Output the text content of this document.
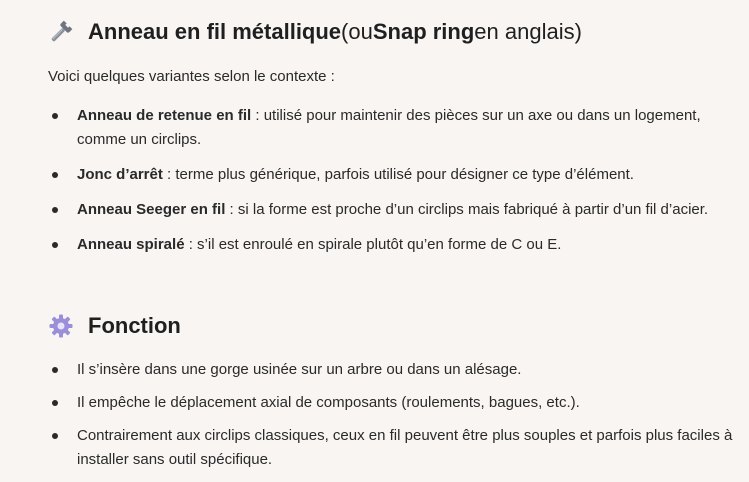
Anneau en fil métallique (ou Snap ring en anglais)

Voici quelques variantes selon le contexte :

Anneau de retenue en fil : utilisé pour maintenir des pièces sur un axe ou dans un logement, comme un circlips.
Jonc d’arrêt : terme plus générique, parfois utilisé pour désigner ce type d’élément.
Anneau Seeger en fil : si la forme est proche d’un circlips mais fabriqué à partir d’un fil d’acier.
Anneau spiralé : s’il est enroulé en spirale plutôt qu’en forme de C ou E.
Fonction
Il s’insère dans une gorge usinée sur un arbre ou dans un alésage.
Il empêche le déplacement axial de composants (roulements, bagues, etc.).
Contrairement aux circlips classiques, ceux en fil peuvent être plus souples et parfois plus faciles à installer sans outil spécifique.
